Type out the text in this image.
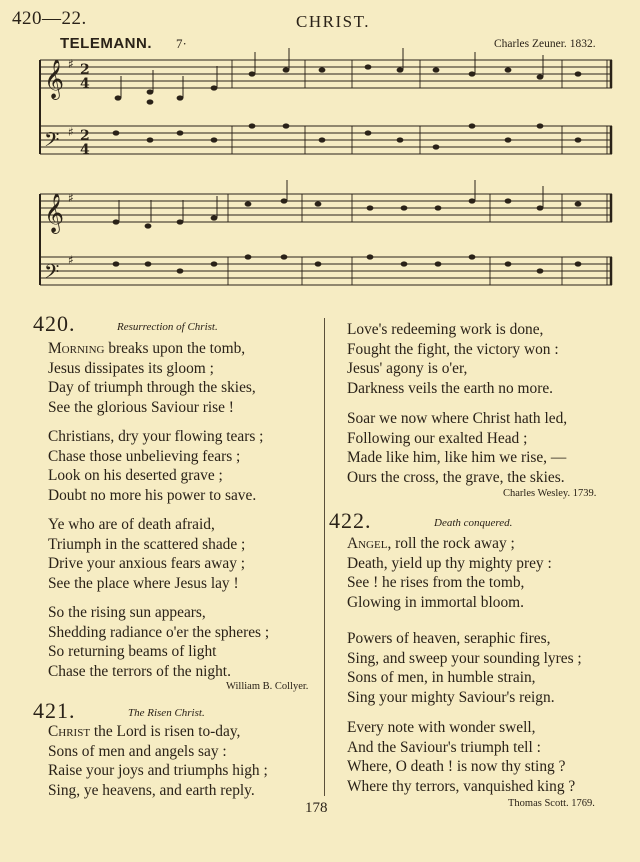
420—22.	CHRIST.
TELEMANN. 7·	Charles Zeuner. 1832.
𝄞
𝄞
𝄢
𝄢
♯
♯
♯
♯
2
4
2
4
420.	Resurrection of Christ.
Morning breaks upon the tomb,
Jesus dissipates its gloom ;
Day of triumph through the skies,
See the glorious Saviour rise !
Christians, dry your flowing tears ;
Chase those unbelieving fears ;
Look on his deserted grave ;
Doubt no more his power to save.
Ye who are of death afraid,
Triumph in the scattered shade ;
Drive your anxious fears away ;
See the place where Jesus lay !
So the rising sun appears,
Shedding radiance o'er the spheres ;
So returning beams of light
Chase the terrors of the night.
William B. Collyer.
421.	The Risen Christ.
Christ the Lord is risen to-day,
Sons of men and angels say :
Raise your joys and triumphs high ;
Sing, ye heavens, and earth reply.
Love's redeeming work is done,
Fought the fight, the victory won :
Jesus' agony is o'er,
Darkness veils the earth no more.
Soar we now where Christ hath led,
Following our exalted Head ;
Made like him, like him we rise, —
Ours the cross, the grave, the skies.
Charles Wesley. 1739.
422.	Death conquered.
Angel, roll the rock away ;
Death, yield up thy mighty prey :
See ! he rises from the tomb,
Glowing in immortal bloom.
Powers of heaven, seraphic fires,
Sing, and sweep your sounding lyres ;
Sons of men, in humble strain,
Sing your mighty Saviour's reign.
Every note with wonder swell,
And the Saviour's triumph tell :
Where, O death ! is now thy sting ?
Where thy terrors, vanquished king ?
Thomas Scott. 1769.
178
